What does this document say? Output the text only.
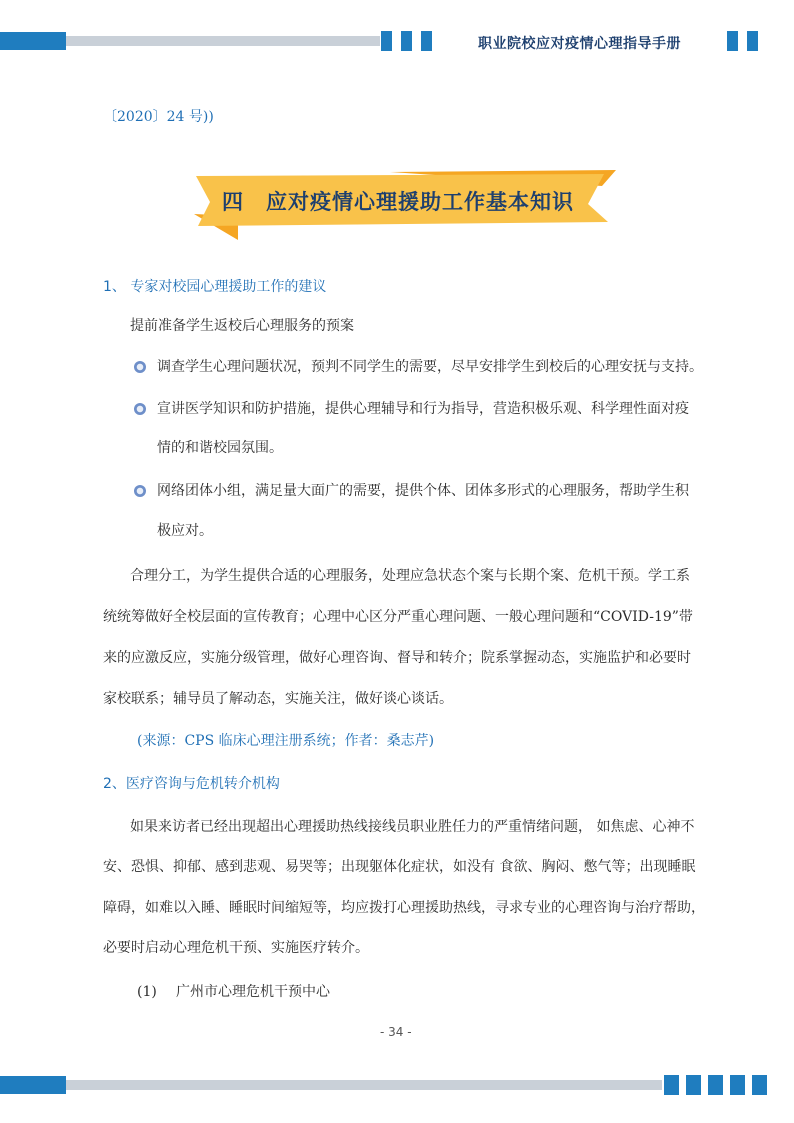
职业院校应对疫情心理指导手册
〔2020〕24 号))
四 应对疫情心理援助工作基本知识
1、 专家对校园心理援助工作的建议
提前准备学生返校后心理服务的预案
调查学生心理问题状况，预判不同学生的需要，尽早安排学生到校后的心理安抚与支持。
宣讲医学知识和防护措施，提供心理辅导和行为指导，营造积极乐观、科学理性面对疫
情的和谐校园氛围。
网络团体小组，满足量大面广的需要，提供个体、团体多形式的心理服务，帮助学生积
极应对。
合理分工，为学生提供合适的心理服务，处理应急状态个案与长期个案、危机干预。学工系
统统筹做好全校层面的宣传教育；心理中心区分严重心理问题、一般心理问题和“COVID-19”带
来的应激反应，实施分级管理，做好心理咨询、督导和转介；院系掌握动态，实施监护和必要时
家校联系；辅导员了解动态，实施关注，做好谈心谈话。
(来源：CPS 临床心理注册系统；作者：桑志芹)
2、医疗咨询与危机转介机构
如果来访者已经出现超出心理援助热线接线员职业胜任力的严重情绪问题， 如焦虑、心神不
安、恐惧、抑郁、感到悲观、易哭等；出现躯体化症状，如没有 食欲、胸闷、憋气等；出现睡眠
障碍，如难以入睡、睡眠时间缩短等，均应拨打心理援助热线，寻求专业的心理咨询与治疗帮助，
必要时启动心理危机干预、实施医疗转介。
(1) 广州市心理危机干预中心
- 34 -
